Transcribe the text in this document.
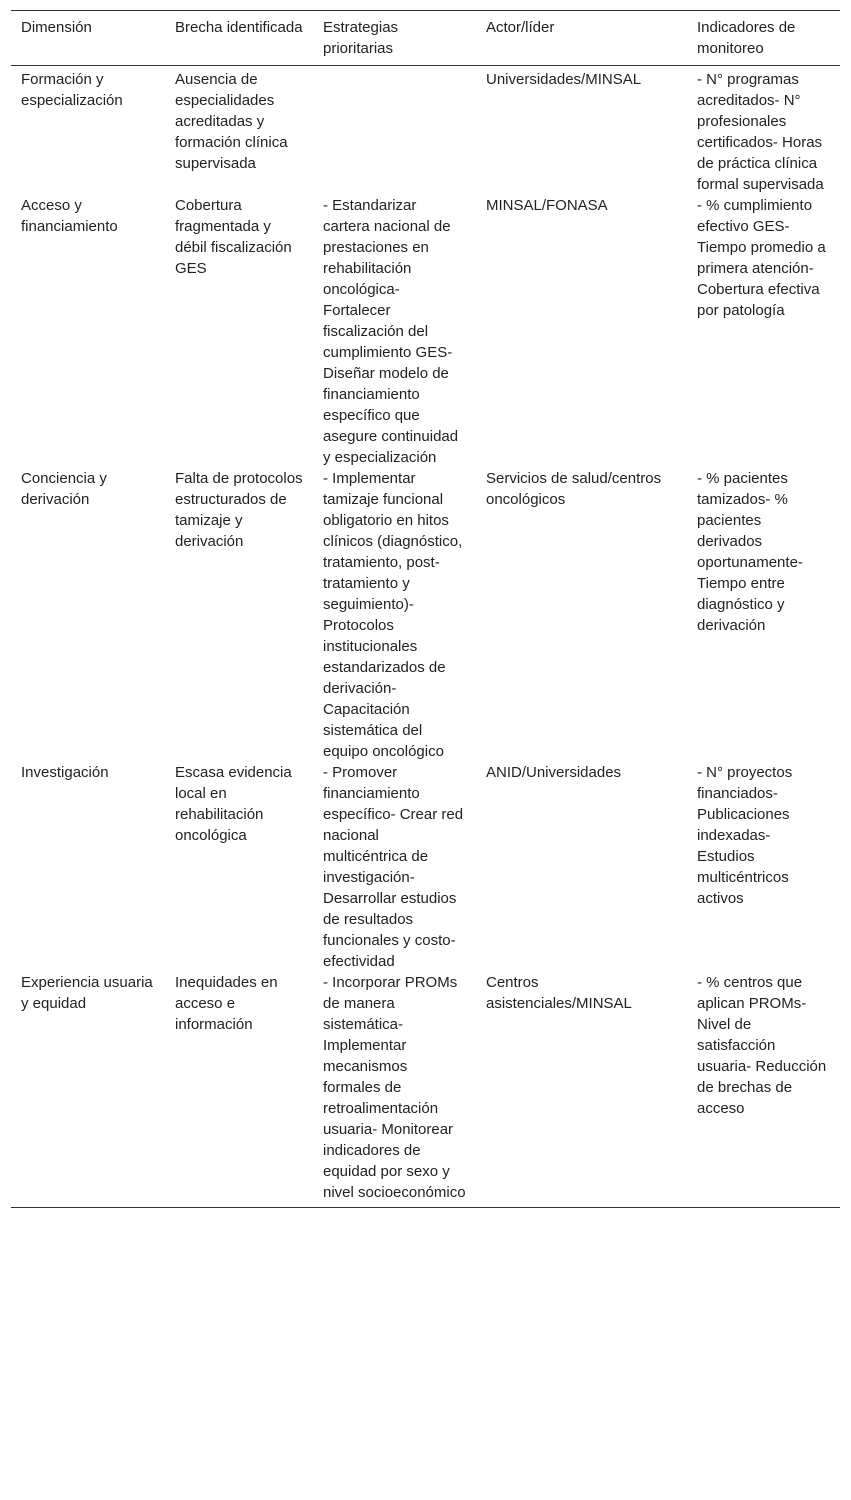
Dimensión	Brecha identificada	Estrategias prioritarias	Actor/líder	Indicadores de monitoreo
Formación y especialización	Ausencia de especialidades acreditadas y formación clínica supervisada		Universidades/MINSAL	- N° programas acreditados- N° profesionales certificados- Horas de práctica clínica formal supervisada
Acceso y financiamiento	Cobertura fragmentada y débil fiscalización GES	- Estandarizar cartera nacional de prestaciones en rehabilitación oncológica- Fortalecer fiscalización del cumplimiento GES- Diseñar modelo de financiamiento específico que asegure continuidad y especialización	MINSAL/FONASA	- % cumplimiento efectivo GES- Tiempo promedio a primera atención- Cobertura efectiva por patología
Conciencia y derivación	Falta de protocolos estructurados de tamizaje y derivación	- Implementar tamizaje funcional obligatorio en hitos clínicos (diagnóstico, tratamiento, post-tratamiento y seguimiento)- Protocolos institucionales estandarizados de derivación- Capacitación sistemática del equipo oncológico	Servicios de salud/centros oncológicos	- % pacientes tamizados- % pacientes derivados oportunamente- Tiempo entre diagnóstico y derivación
Investigación	Escasa evidencia local en rehabilitación oncológica	- Promover financiamiento específico- Crear red nacional multicéntrica de investigación- Desarrollar estudios de resultados funcionales y costo-efectividad	ANID/Universidades	- N° proyectos financiados- Publicaciones indexadas- Estudios multicéntricos activos
Experiencia usuaria y equidad	Inequidades en acceso e información	- Incorporar PROMs de manera sistemática- Implementar mecanismos formales de retroalimentación usuaria- Monitorear indicadores de equidad por sexo y nivel socioeconómico	Centros asistenciales/MINSAL	- % centros que aplican PROMs- Nivel de satisfacción usuaria- Reducción de brechas de acceso
